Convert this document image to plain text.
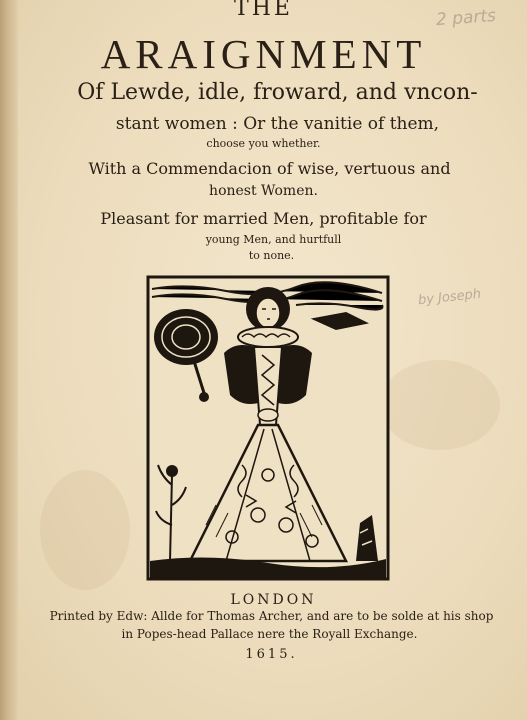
2 parts
by Joseph
THE
ARAIGNMENT
Of Lewde, idle, froward, and vncon-
stant women : Or the vanitie of them,
choose you whether.
With a Commendacion of wise, vertuous and
honest Women.
Pleasant for married Men, profitable for
young Men, and hurtfull
to none.
LONDON
Printed by Edw: Allde for Thomas Archer, and are to be solde at his shop
in Popes-head Pallace nere the Royall Exchange.
1615.
